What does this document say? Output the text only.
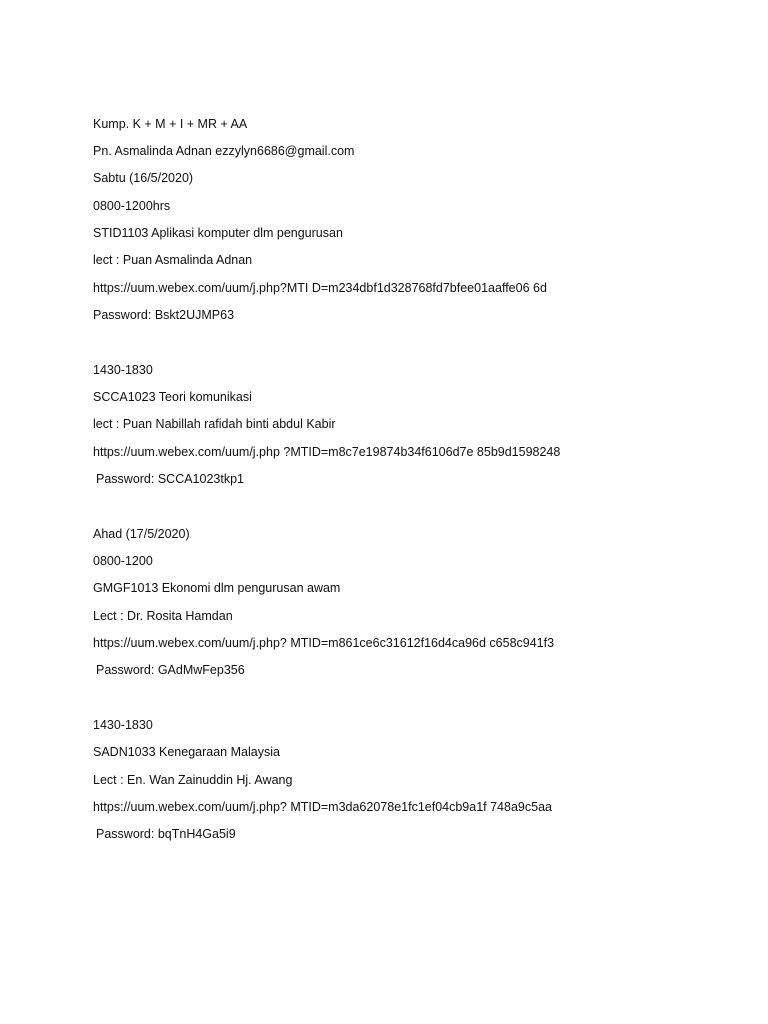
Kump. K + M + I + MR + AA
Pn. Asmalinda Adnan ezzylyn6686@gmail.com
Sabtu (16/5/2020)
0800-1200hrs
STID1103 Aplikasi komputer dlm pengurusan
lect : Puan Asmalinda Adnan
https://uum.webex.com/uum/j.php?MTI D=m234dbf1d328768fd7bfee01aaffe06 6d
Password: Bskt2UJMP63
1430-1830
SCCA1023 Teori komunikasi
lect : Puan Nabillah rafidah binti abdul Kabir
https://uum.webex.com/uum/j.php ?MTID=m8c7e19874b34f6106d7e 85b9d1598248
Password: SCCA1023tkp1
Ahad (17/5/2020)
0800-1200
GMGF1013 Ekonomi dlm pengurusan awam
Lect : Dr. Rosita Hamdan
https://uum.webex.com/uum/j.php? MTID=m861ce6c31612f16d4ca96d c658c941f3
Password: GAdMwFep356
1430-1830
SADN1033 Kenegaraan Malaysia
Lect : En. Wan Zainuddin Hj. Awang
https://uum.webex.com/uum/j.php? MTID=m3da62078e1fc1ef04cb9a1f 748a9c5aa
Password: bqTnH4Ga5i9
